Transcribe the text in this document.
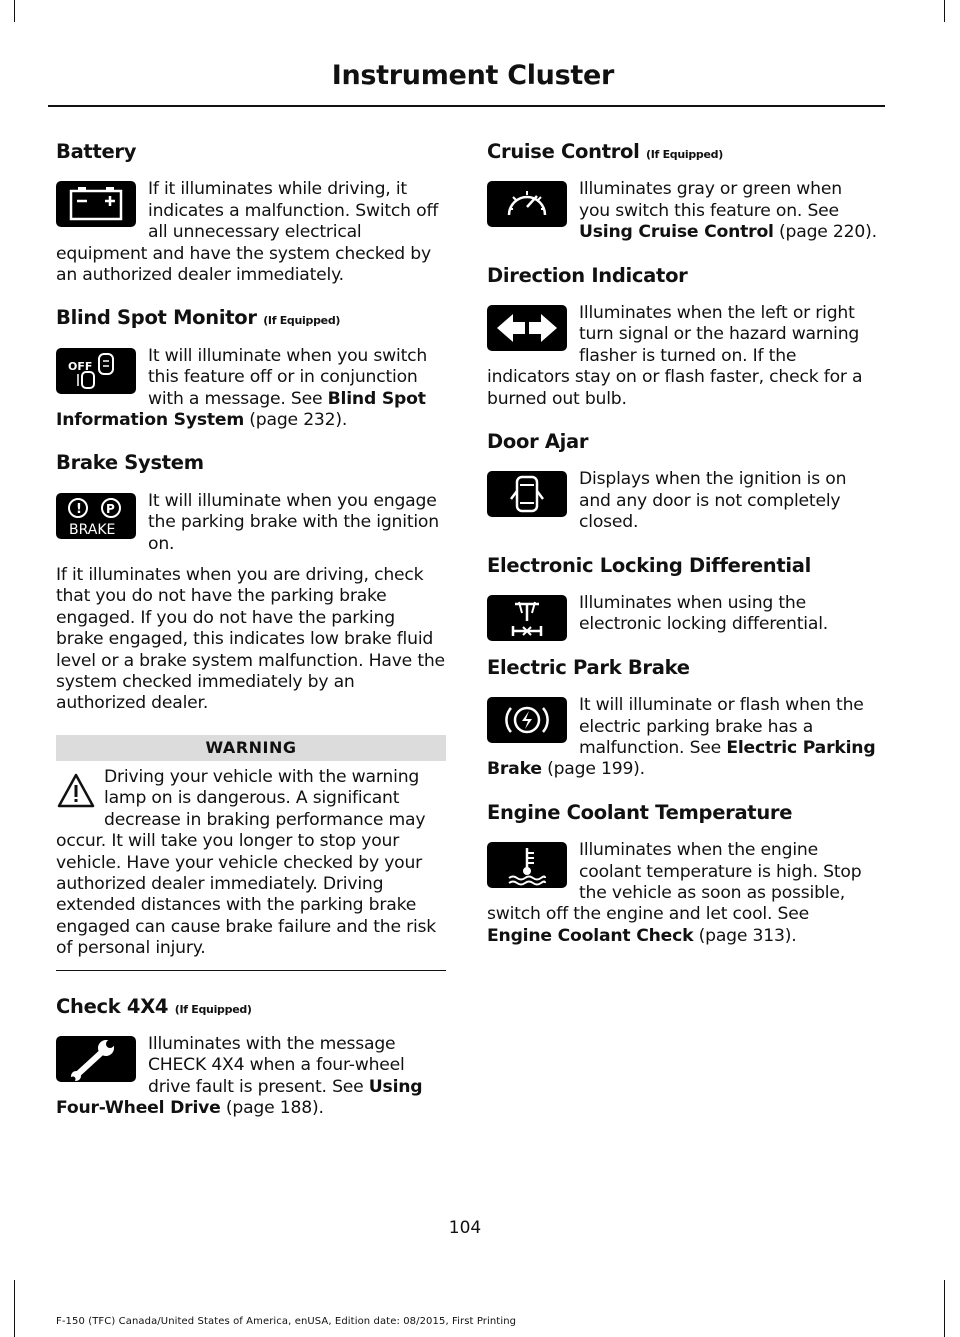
Instrument Cluster
Battery

If it illuminates while driving, it indicates a malfunction. Switch off all unnecessary electrical equipment and have the system checked by an authorized dealer immediately.

Blind Spot Monitor (If Equipped)
OFF

It will illuminate when you switch this feature off or in conjunction with a message. See Blind Spot Information System (page 232).

Brake System
! P
BRAKE

It will illuminate when you engage the parking brake with the ignition on.

If it illuminates when you are driving, check that you do not have the parking brake engaged. If you do not have the parking brake engaged, this indicates low brake fluid level or a brake system malfunction. Have the system checked immediately by an authorized dealer.

WARNING

Driving your vehicle with the warning lamp on is dangerous. A significant decrease in braking performance may occur. It will take you longer to stop your vehicle. Have your vehicle checked by your authorized dealer immediately. Driving extended distances with the parking brake engaged can cause brake failure and the risk of personal injury.

Check 4X4 (If Equipped)

Illuminates with the message CHECK 4X4 when a four-wheel drive fault is present. See Using Four-Wheel Drive (page 188).

Cruise Control (If Equipped)

Illuminates gray or green when you switch this feature on. See Using Cruise Control (page 220).

Direction Indicator

Illuminates when the left or right turn signal or the hazard warning flasher is turned on. If the indicators stay on or flash faster, check for a burned out bulb.

Door Ajar

Displays when the ignition is on and any door is not completely closed.

Electronic Locking Differential

Illuminates when using the electronic locking differential.

Electric Park Brake

It will illuminate or flash when the electric parking brake has a malfunction. See Electric Parking Brake (page 199).

Engine Coolant Temperature

Illuminates when the engine coolant temperature is high. Stop the vehicle as soon as possible, switch off the engine and let cool. See Engine Coolant Check (page 313).

104
F-150 (TFC) Canada/United States of America, enUSA, Edition date: 08/2015, First Printing
